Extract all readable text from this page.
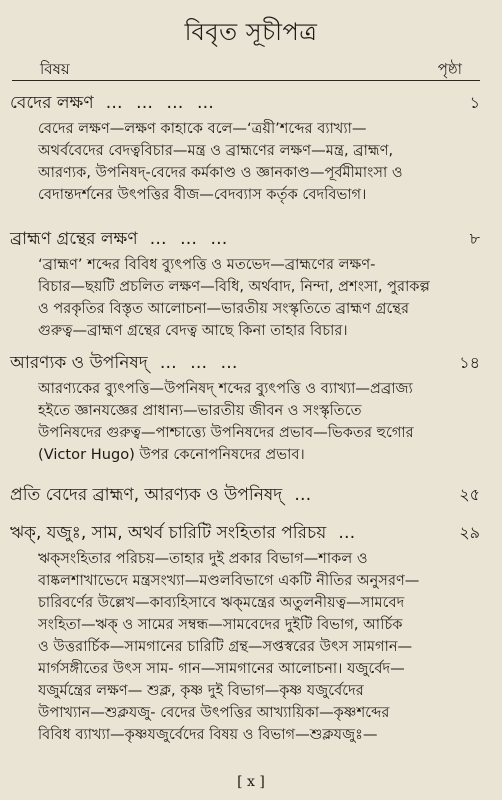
বিবৃত সূচীপত্র
বিষয়	পৃষ্ঠা
বেদের লক্ষণ … … … …	১
বেদের লক্ষণ—লক্ষণ কাহাকে বলে—‘ত্রয়ী’শব্দের ব্যাখ্যা—
অথর্ববেদের বেদত্ববিচার—মন্ত্র ও ব্রাহ্মণের লক্ষণ—মন্ত্র, ব্রাহ্মণ,
আরণ্যক, উপনিষদ্‌-বেদের কর্মকাণ্ড ও জ্ঞানকাণ্ড—পূর্বমীমাংসা ও
বেদান্তদর্শনের উৎপত্তির বীজ—বেদব্যাস কর্তৃক বেদবিভাগ।
ব্রাহ্মণ গ্রন্থের লক্ষণ … … …	৮
‘ব্রাহ্মণ’ শব্দের বিবিধ ব্যুৎপত্তি ও মতভেদ—ব্রাহ্মণের লক্ষণ-
বিচার—ছয়টি প্রচলিত লক্ষণ—বিধি, অর্থবাদ, নিন্দা, প্রশংসা, পুরাকল্প
ও পরকৃতির বিস্তৃত আলোচনা—ভারতীয় সংস্কৃতিতে ব্রাহ্মণ গ্রন্থের
গুরুত্ব—ব্রাহ্মণ গ্রন্থের বেদত্ব আছে কিনা তাহার বিচার।
আরণ্যক ও উপনিষদ্‌ … … …	১৪
আরণ্যকের ব্যুৎপত্তি—উপনিষদ্‌ শব্দের ব্যুৎপত্তি ও ব্যাখ্যা—প্রব্রাজ্য
হইতে জ্ঞানযজ্ঞের প্রাধান্য—ভারতীয় জীবন ও সংস্কৃতিতে
উপনিষদের গুরুত্ব—পাশ্চাত্ত্যে উপনিষদের প্রভাব—ভিকতর হুগোর
(Victor Hugo) উপর কেনোপনিষদের প্রভাব।
প্রতি বেদের ব্রাহ্মণ, আরণ্যক ও উপনিষদ্‌ …	২৫
ঋক্‌, যজুঃ, সাম, অথর্ব চারিটি সংহিতার পরিচয় …	২৯
ঋক্‌সংহিতার পরিচয়—তাহার দুই প্রকার বিভাগ—শাকল ও
বাষ্কলশাখাভেদে মন্ত্রসংখ্যা—মণ্ডলবিভাগে একটি নীতির অনুসরণ—
চারিবর্ণের উল্লেখ—কাব্যহিসাবে ঋক্‌মন্ত্রের অতুলনীয়ত্ব—সামবেদ
সংহিতা—ঋক্‌ ও সামের সম্বন্ধ—সামবেদের দুইটি বিভাগ, আর্চিক
ও উত্তরার্চিক—সামগানের চারিটি গ্রন্থ—সপ্তস্বরের উৎস সামগান—
মার্গসঙ্গীতের উৎস সাম- গান—সামগানের আলোচনা। যজুর্বেদ—
যজুর্মন্ত্রের লক্ষণ— শুক্ল, কৃষ্ণ দুই বিভাগ—কৃষ্ণ যজুর্বেদের
উপাখ্যান—শুক্লযজু- বেদের উৎপত্তির আখ্যায়িকা—কৃষ্ণশব্দের
বিবিধ ব্যাখ্যা—কৃষ্ণযজুর্বেদের বিষয় ও বিভাগ—শুক্লযজুঃ—
[ x ]
